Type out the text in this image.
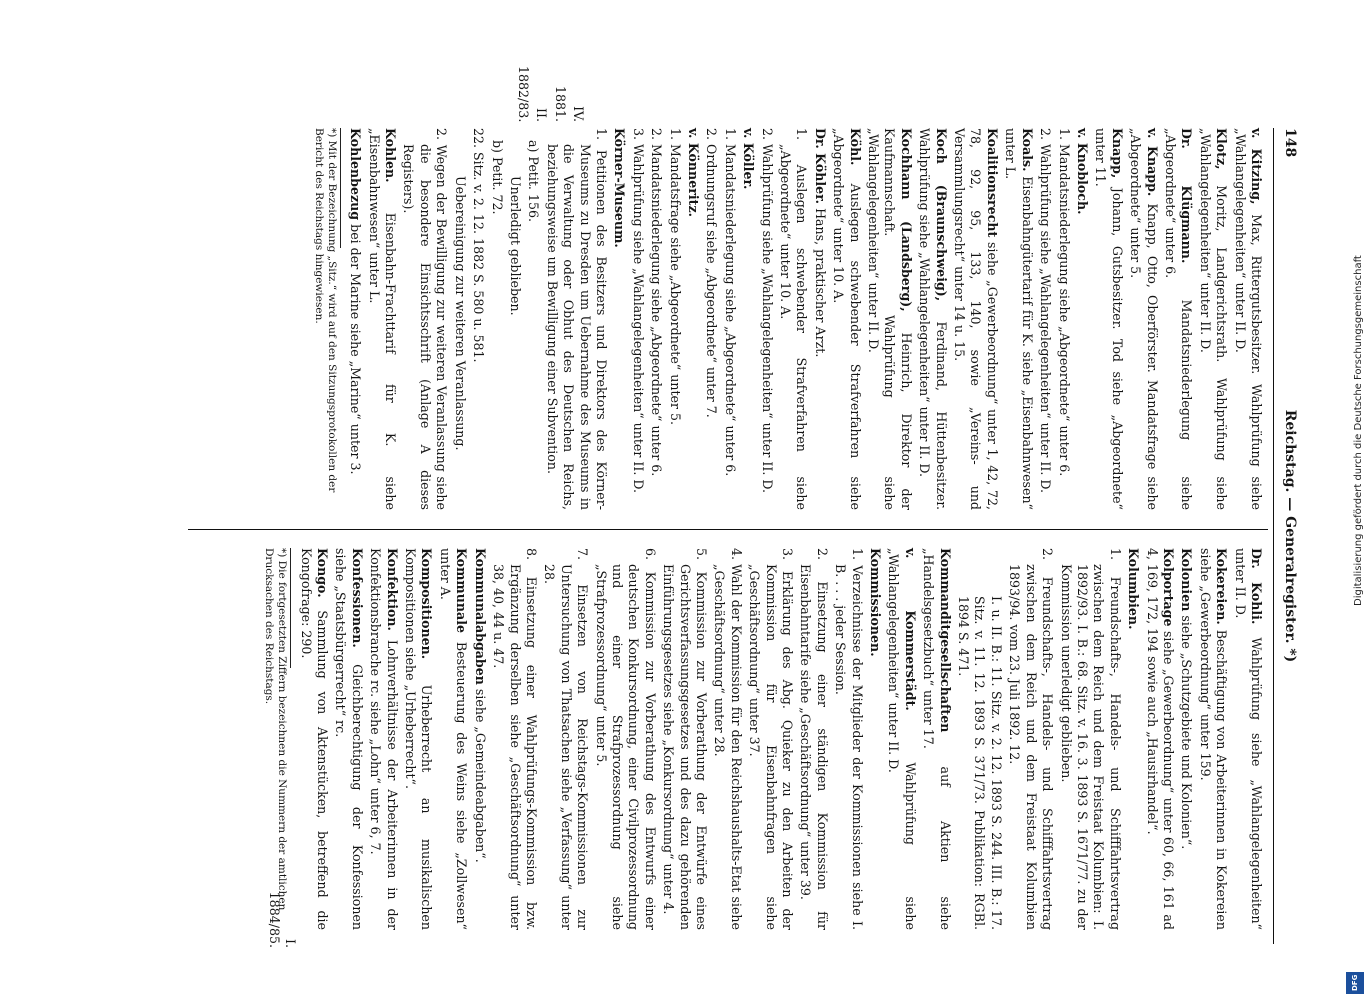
148
Reichstag. — Generalregister. *)

v. Kitzing, Max, Rittergutsbesitzer. Wahlprüfung siehe „Wahlangelegenheiten“ unter II. D.

Klotz, Moritz, Landgerichtsrath. Wahlprüfung siehe „Wahlangelegenheiten“ unter II. D.

Dr. Klügmann. Mandatsniederlegung siehe „Abgeordnete“ unter 6.

v. Knapp. Knapp, Otto, Oberförster. Mandatsfrage siehe „Abgeordnete“ unter 5.

Knapp, Johann, Gutsbesitzer. Tod siehe „Abgeordnete“ unter 11.

v. Knobloch.

1. Mandatsniederlegung siehe „Abgeordnete“ unter 6.

2. Wahlprüfung siehe „Wahlangelegenheiten“ unter II. D.

Koals. Eisenbahngütertarif für K. siehe „Eisenbahnwesen“ unter L.

Koalitionsrecht siehe „Gewerbeordnung“ unter 1, 42, 72, 78, 92, 95, 133, 140, sowie „Vereins- und Versammlungsrecht“ unter 14 u. 15.

Koch (Braunschweig), Ferdinand, Hüttenbesitzer. Wahlprüfung siehe „Wahlangelegenheiten“ unter II. D.

Kochhann (Landsberg), Heinrich, Direktor der Kaufmannschaft. Wahlprüfung siehe „Wahlangelegenheiten“ unter II. D.

Köhl. Auslegen schwebender Strafverfahren siehe „Abgeordnete“ unter 10. A.

Dr. Köhler. Hans, praktischer Arzt.

1. Auslegen schwebender Strafverfahren siehe „Abgeordnete“ unter 10. A.

2. Wahlprüfung siehe „Wahlangelegenheiten“ unter II. D.

v. Köller.

1. Mandatsniederlegung siehe „Abgeordnete“ unter 6.

2. Ordnungsruf siehe „Abgeordnete“ unter 7.

v. Könneritz.

1. Mandatsfrage siehe „Abgeordnete“ unter 5.

2. Mandatsniederlegung siehe „Abgeordnete“ unter 6.

3. Wahlprüfung siehe „Wahlangelegenheiten“ unter II. D.

Körner-Museum.

1. Petitionen des Besitzers und Direktors des Körner-Museums zu Dresden um Uebernahme des Museums in die Verwaltung oder Obhut des Deutschen Reichs, beziehungsweise um Bewilligung einer Subvention.

a) Petit. 156.

Unerledigt geblieben.

b) Petit. 72.

22. Sitz. v. 2. 12. 1882 S. 580 u. 581.

Uebereinigung zur weiteren Veranlassung.

2. Wegen der Bewilligung zur weiteren Veranlassung siehe die besondere Einsichtsschrift (Anlage A dieses Registers).

Kohlen. Eisenbahn-Frachttarif für K. siehe „Eisenbahnwesen“ unter L.

Kohlenbezug bei der Marine siehe „Marine“ unter 3.

*) Mit der Bezeichnung „Sitz.“ wird auf den Sitzungsprotokollen der Bericht des Reichstags hingewiesen.

Dr. Kohli. Wahlprüfung siehe „Wahlangelegenheiten“ unter II. D.

Kokereien. Beschäftigung von Arbeiterinnen in Kokereien siehe „Gewerbeordnung“ unter 159.

Kolonien siehe „Schutzgebiete und Kolonien“.

Kolportage siehe „Gewerbeordnung“ unter 60, 66, 161 ad 4, 169, 172, 194 sowie auch „Hausirhandel“.

Kolumbien.

1. Freundschafts-, Handels- und Schifffahrtsvertrag zwischen dem Reich und dem Freistaat Kolumbien: I. 1892/93. I. B.: 68. Sitz. v. 16. 3. 1893 S. 1671/77. zu der Kommission unerledigt geblieben.

2. Freundschafts-, Handels- und Schifffahrtsvertrag zwischen dem Reich und dem Freistaat Kolumbien 1893/94. vom 23. Juli 1892. 12.

I. u. II. B.: 11. Sitz. v. 2. 12. 1893 S. 244. III. B.: 17. Sitz. v. 11. 12. 1893 S. 371/73. Publikation: RGBl. 1894 S. 471.

Kommanditgesellschaften auf Aktien siehe „Handelsgesetzbuch“ unter 17.

v. Kommerstädt. Wahlprüfung siehe „Wahlangelegenheiten“ unter II. D.

Kommissionen.

1. Verzeichnisse der Mitglieder der Kommissionen siehe I. B. . . . jeder Session.

2. Einsetzung einer ständigen Kommission für Eisenbahntarife siehe „Geschäftsordnung“ unter 39.

3. Erklärung des Abg. Quieker zu den Arbeiten der Kommission für Eisenbahnfragen siehe „Geschäftsordnung“ unter 37.

4. Wahl der Kommission für den Reichshaushalts-Etat siehe „Geschäftsordnung“ unter 28.

5. Kommission zur Vorberathung der Entwürfe eines Gerichtsverfassungsgesetzes und des dazu gehörenden Einführungsgesetzes siehe „Konkursordnung“ unter 4.

6. Kommission zur Vorberathung des Entwurfs einer deutschen Konkursordnung, einer Civilprozessordnung und einer Strafprozessordnung siehe „Strafprozessordnung“ unter 5.

7. Einsetzen von Reichstags-Kommissionen zur Untersuchung von Thatsachen siehe „Verfassung“ unter 28.

8. Einsetzung einer Wahlprüfungs-Kommission bzw. Ergänzung derselben siehe „Geschäftsordnung“ unter 38, 40, 44 u. 47.

Kommunalabgaben siehe „Gemeindeabgaben“.

Kommunale Besteuerung des Weins siehe „Zollwesen“ unter A.

Kompositionen. Urheberrecht an musikalischen Kompositionen siehe „Urheberrecht“.

Konfektion. Lohnverhältnisse der Arbeiterinnen in der Konfektionsbranche rc. siehe „Lohn“ unter 6, 7.

Konfessionen. Gleichberechtigung der Konfessionen siehe „Staatsbürgerrecht“ rc.

Kongo. Sammlung von Aktenstücken, betreffend die Kongofrage: 290.

*) Die fortgesetzten Ziffern bezeichnen die Nummern der amtlichen Drucksachen des Reichstags.
IV.
1881.
II.
1882/83.
I.
1884/85.
Digitalisierung gefördert durch die Deutsche Forschungsgemeinschaft
DFG
